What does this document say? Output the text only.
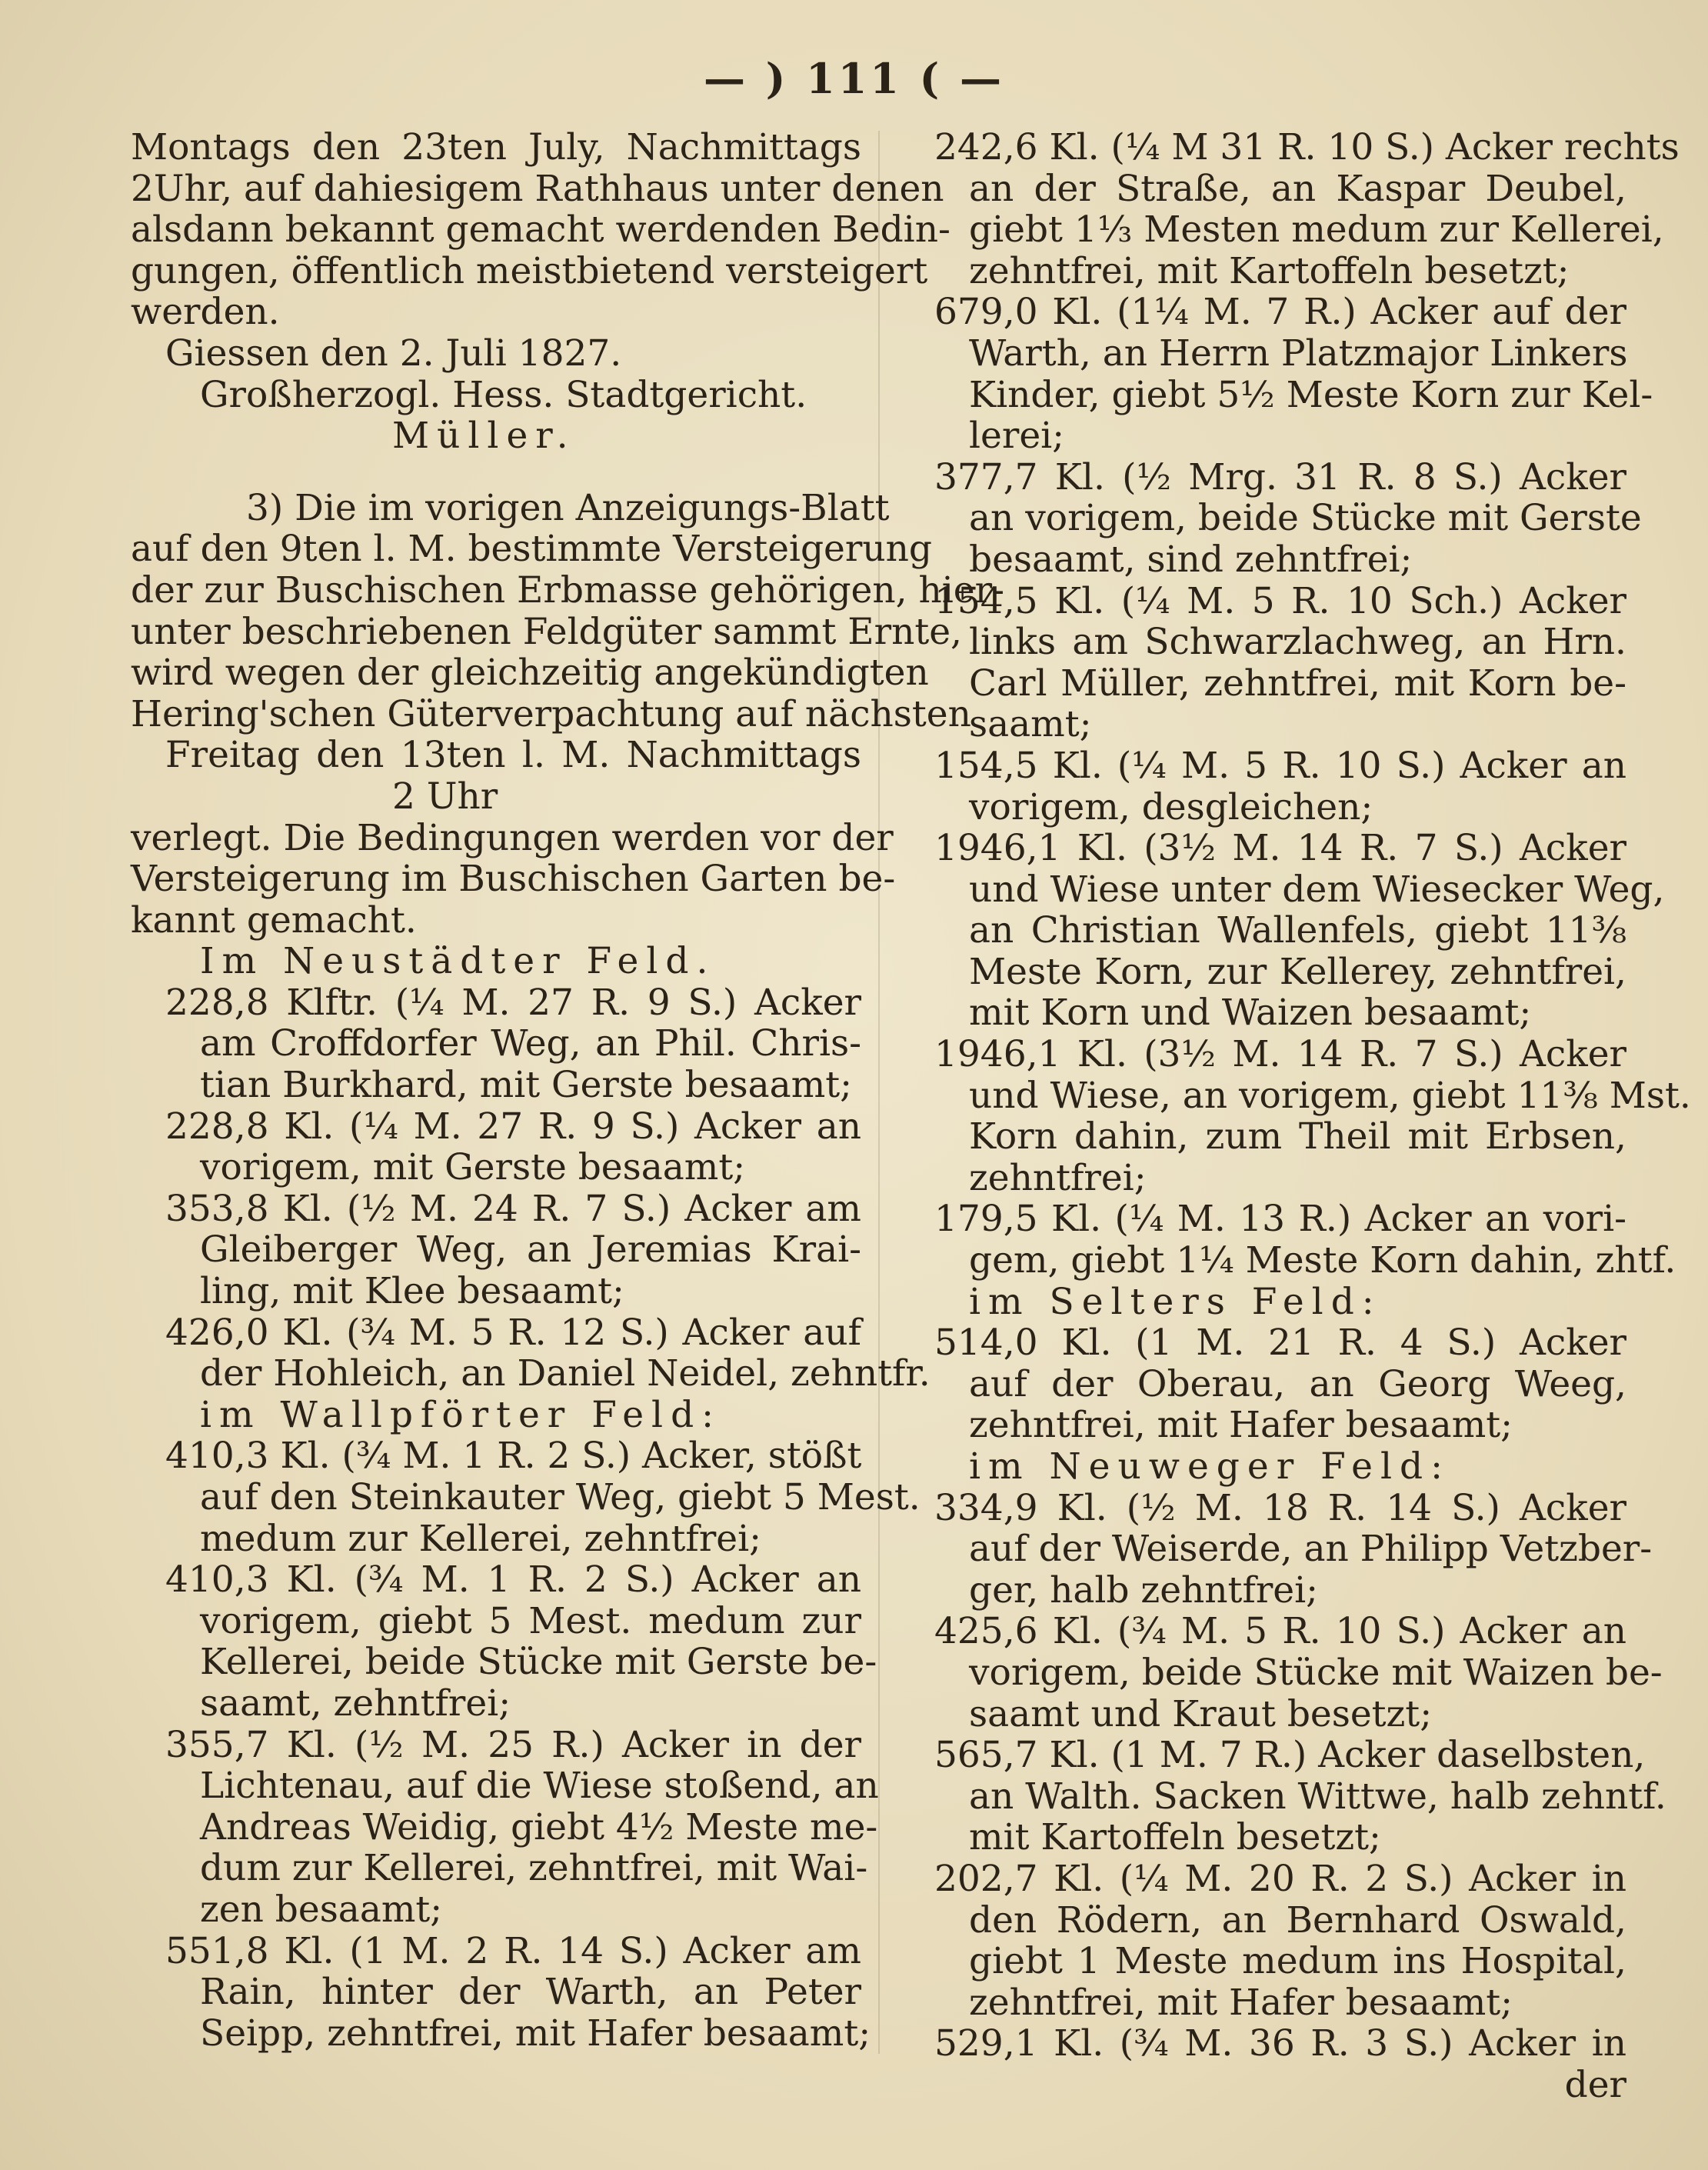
— ) 111 ( —
Montags den 23ten July, Nachmittags
2Uhr, auf dahiesigem Rathhaus unter denen
alsdann bekannt gemacht werdenden Bedin-
gungen, öffentlich meistbietend versteigert
werden.
Giessen den 2. Juli 1827.
Großherzogl. Hess. Stadtgericht.
Müller.
3) Die im vorigen Anzeigungs-Blatt
auf den 9ten l. M. bestimmte Versteigerung
der zur Buschischen Erbmasse gehörigen, hier-
unter beschriebenen Feldgüter sammt Ernte,
wird wegen der gleichzeitig angekündigten
Hering'schen Güterverpachtung auf nächsten
Freitag den 13ten l. M. Nachmittags
2 Uhr
verlegt. Die Bedingungen werden vor der
Versteigerung im Buschischen Garten be-
kannt gemacht.
Im Neustädter Feld.
228,8 Klftr. (¼ M. 27 R. 9 S.) Acker
am Croffdorfer Weg, an Phil. Chris-
tian Burkhard, mit Gerste besaamt;
228,8 Kl. (¼ M. 27 R. 9 S.) Acker an
vorigem, mit Gerste besaamt;
353,8 Kl. (½ M. 24 R. 7 S.) Acker am
Gleiberger Weg, an Jeremias Krai-
ling, mit Klee besaamt;
426,0 Kl. (¾ M. 5 R. 12 S.) Acker auf
der Hohleich, an Daniel Neidel, zehntfr.
im Wallpförter Feld:
410,3 Kl. (¾ M. 1 R. 2 S.) Acker, stößt
auf den Steinkauter Weg, giebt 5 Mest.
medum zur Kellerei, zehntfrei;
410,3 Kl. (¾ M. 1 R. 2 S.) Acker an
vorigem, giebt 5 Mest. medum zur
Kellerei, beide Stücke mit Gerste be-
saamt, zehntfrei;
355,7 Kl. (½ M. 25 R.) Acker in der
Lichtenau, auf die Wiese stoßend, an
Andreas Weidig, giebt 4½ Meste me-
dum zur Kellerei, zehntfrei, mit Wai-
zen besaamt;
551,8 Kl. (1 M. 2 R. 14 S.) Acker am
Rain, hinter der Warth, an Peter
Seipp, zehntfrei, mit Hafer besaamt;
242,6 Kl. (¼ M 31 R. 10 S.) Acker rechts
an der Straße, an Kaspar Deubel,
giebt 1⅓ Mesten medum zur Kellerei,
zehntfrei, mit Kartoffeln besetzt;
679,0 Kl. (1¼ M. 7 R.) Acker auf der
Warth, an Herrn Platzmajor Linkers
Kinder, giebt 5½ Meste Korn zur Kel-
lerei;
377,7 Kl. (½ Mrg. 31 R. 8 S.) Acker
an vorigem, beide Stücke mit Gerste
besaamt, sind zehntfrei;
154,5 Kl. (¼ M. 5 R. 10 Sch.) Acker
links am Schwarzlachweg, an Hrn.
Carl Müller, zehntfrei, mit Korn be-
saamt;
154,5 Kl. (¼ M. 5 R. 10 S.) Acker an
vorigem, desgleichen;
1946,1 Kl. (3½ M. 14 R. 7 S.) Acker
und Wiese unter dem Wiesecker Weg,
an Christian Wallenfels, giebt 11⅜
Meste Korn, zur Kellerey, zehntfrei,
mit Korn und Waizen besaamt;
1946,1 Kl. (3½ M. 14 R. 7 S.) Acker
und Wiese, an vorigem, giebt 11⅜ Mst.
Korn dahin, zum Theil mit Erbsen,
zehntfrei;
179,5 Kl. (¼ M. 13 R.) Acker an vori-
gem, giebt 1¼ Meste Korn dahin, zhtf.
im Selters Feld:
514,0 Kl. (1 M. 21 R. 4 S.) Acker
auf der Oberau, an Georg Weeg,
zehntfrei, mit Hafer besaamt;
im Neuweger Feld:
334,9 Kl. (½ M. 18 R. 14 S.) Acker
auf der Weiserde, an Philipp Vetzber-
ger, halb zehntfrei;
425,6 Kl. (¾ M. 5 R. 10 S.) Acker an
vorigem, beide Stücke mit Waizen be-
saamt und Kraut besetzt;
565,7 Kl. (1 M. 7 R.) Acker daselbsten,
an Walth. Sacken Wittwe, halb zehntf.
mit Kartoffeln besetzt;
202,7 Kl. (¼ M. 20 R. 2 S.) Acker in
den Rödern, an Bernhard Oswald,
giebt 1 Meste medum ins Hospital,
zehntfrei, mit Hafer besaamt;
529,1 Kl. (¾ M. 36 R. 3 S.) Acker in
der
